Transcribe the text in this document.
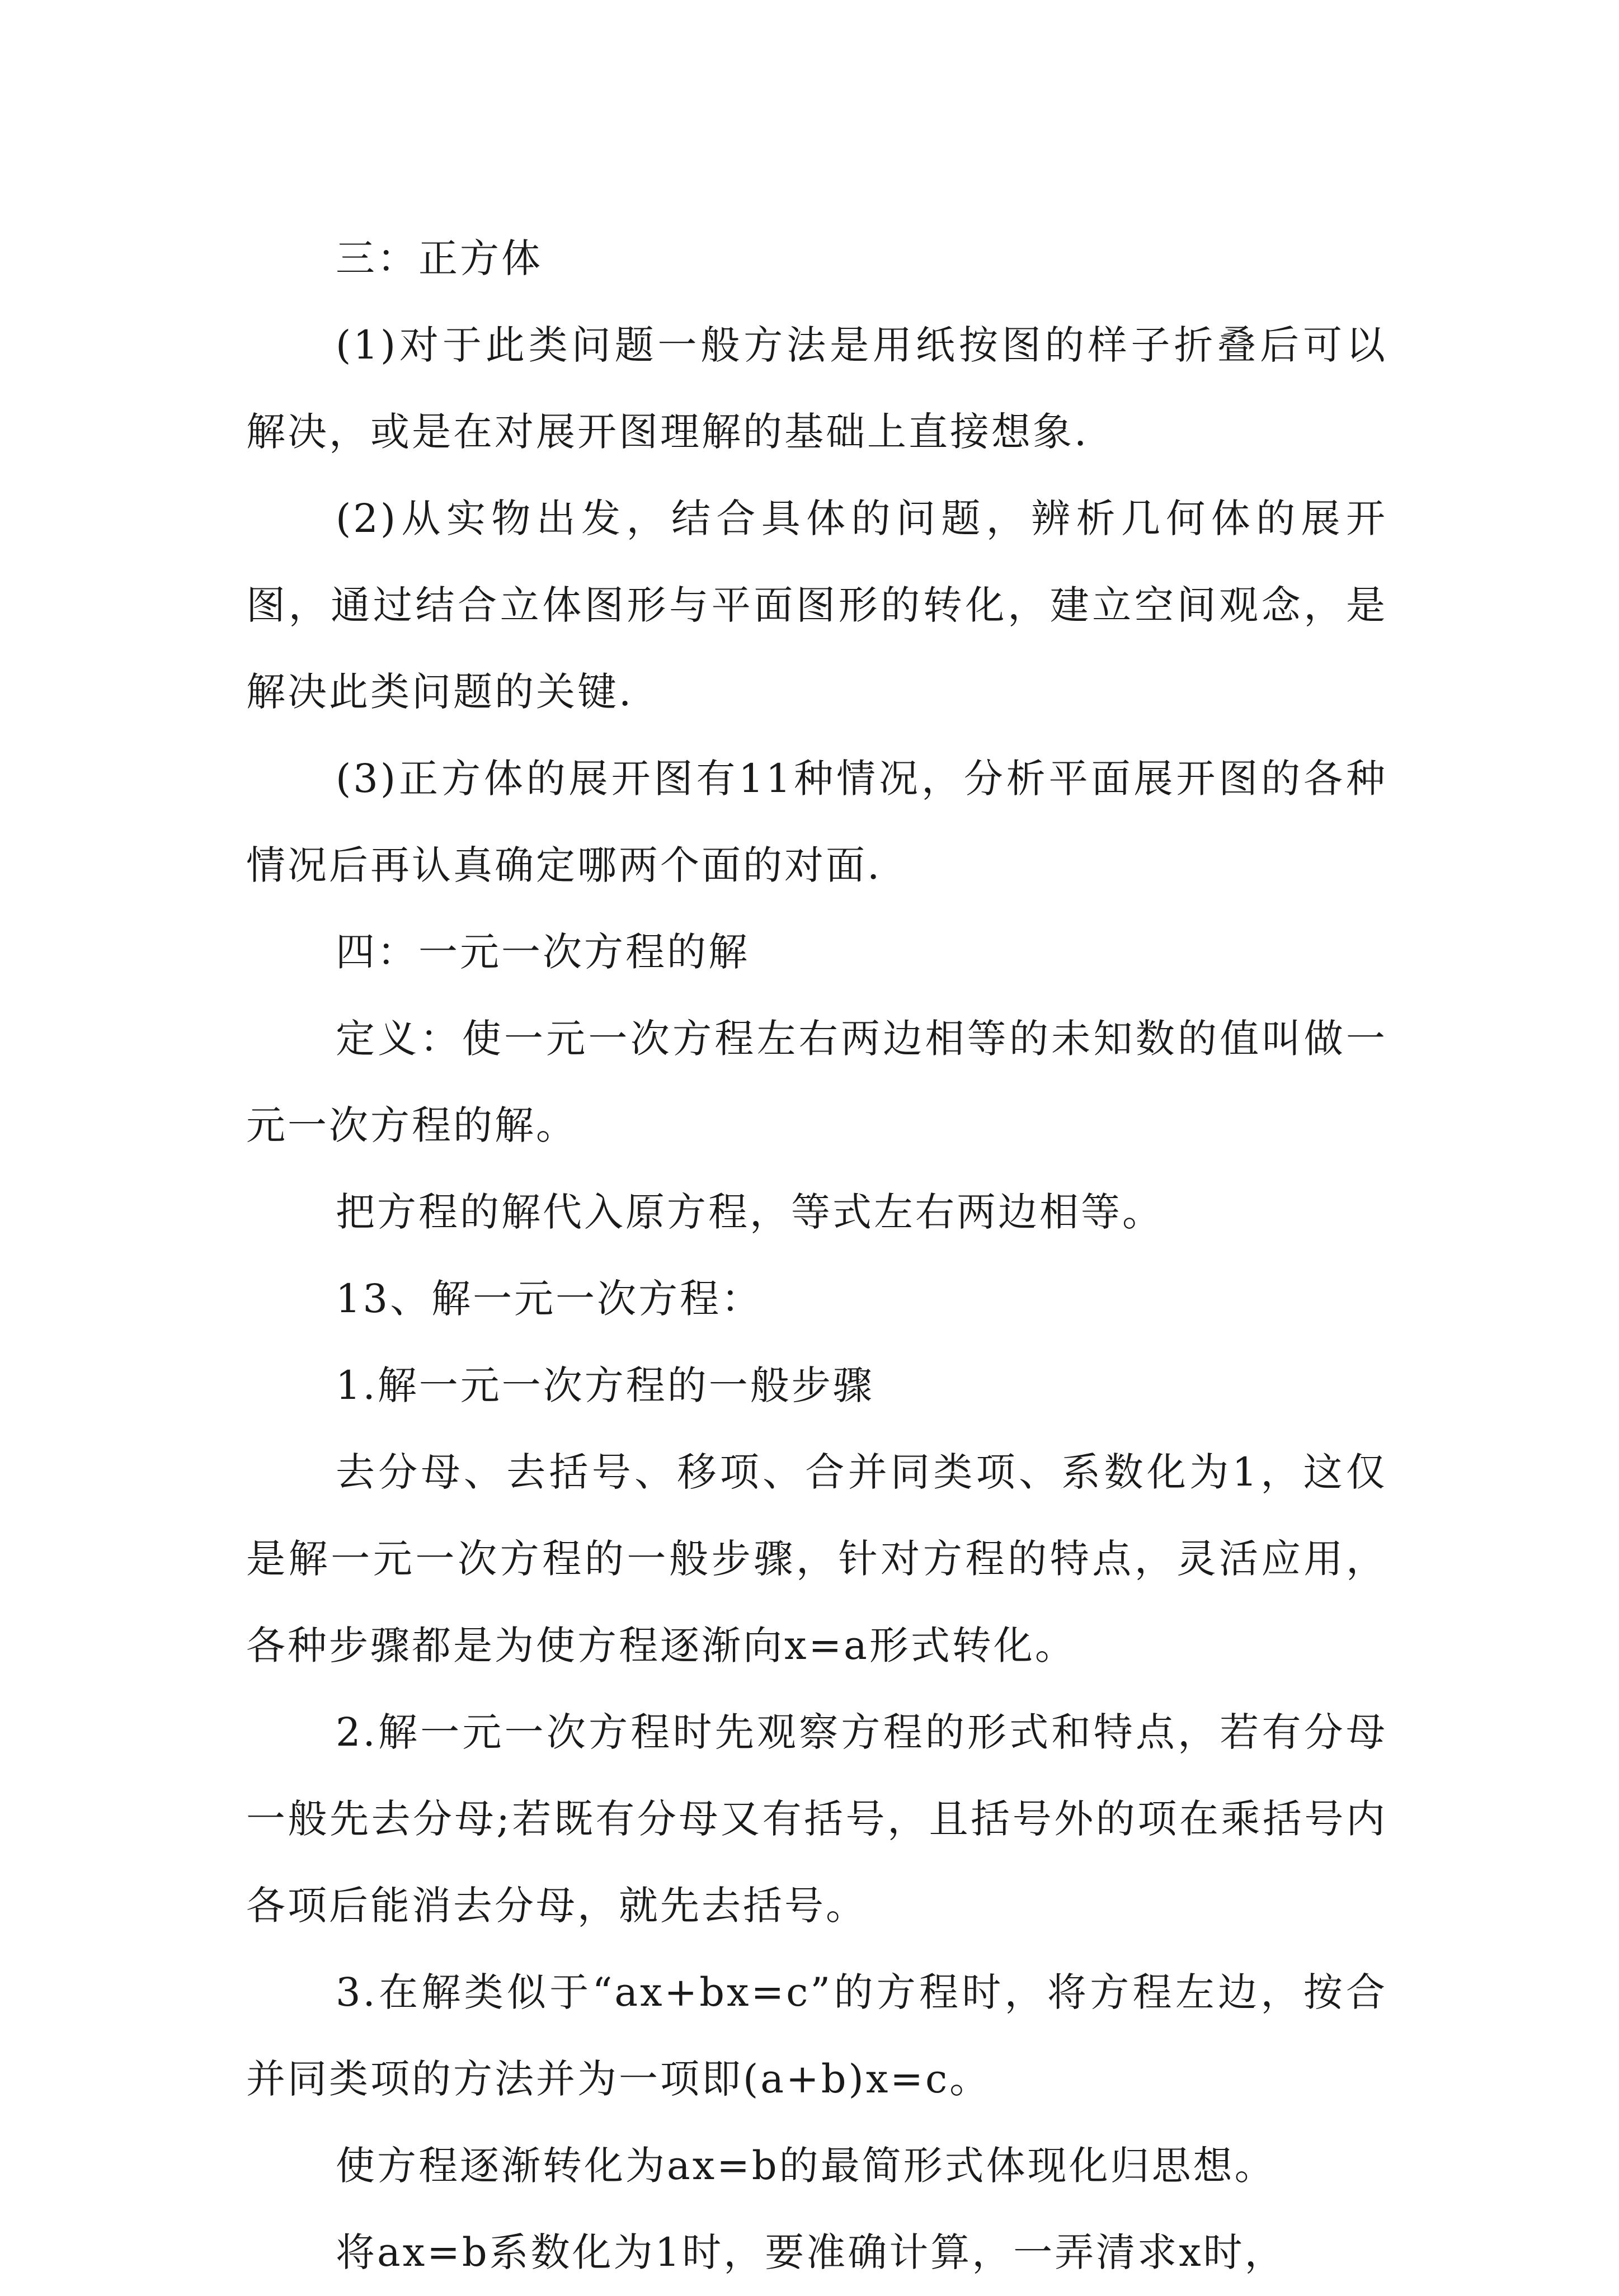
三：正方体

(1)对于此类问题一般方法是用纸按图的样子折叠后可以解决，或是在对展开图理解的基础上直接想象.

(2)从实物出发，结合具体的问题，辨析几何体的展开图，通过结合立体图形与平面图形的转化，建立空间观念，是解决此类问题的关键.

(3)正方体的展开图有11种情况，分析平面展开图的各种情况后再认真确定哪两个面的对面.

四：一元一次方程的解

定义：使一元一次方程左右两边相等的未知数的值叫做一元一次方程的解。

把方程的解代入原方程，等式左右两边相等。

13、解一元一次方程：

1.解一元一次方程的一般步骤

去分母、去括号、移项、合并同类项、系数化为1，这仅是解一元一次方程的一般步骤，针对方程的特点，灵活应用，各种步骤都是为使方程逐渐向x=a形式转化。

2.解一元一次方程时先观察方程的形式和特点，若有分母一般先去分母;若既有分母又有括号，且括号外的项在乘括号内各项后能消去分母，就先去括号。

3.在解类似于“ax+bx=c”的方程时，将方程左边，按合并同类项的方法并为一项即(a+b)x=c。

使方程逐渐转化为ax=b的最简形式体现化归思想。

将ax=b系数化为1时，要准确计算，一弄清求x时，
